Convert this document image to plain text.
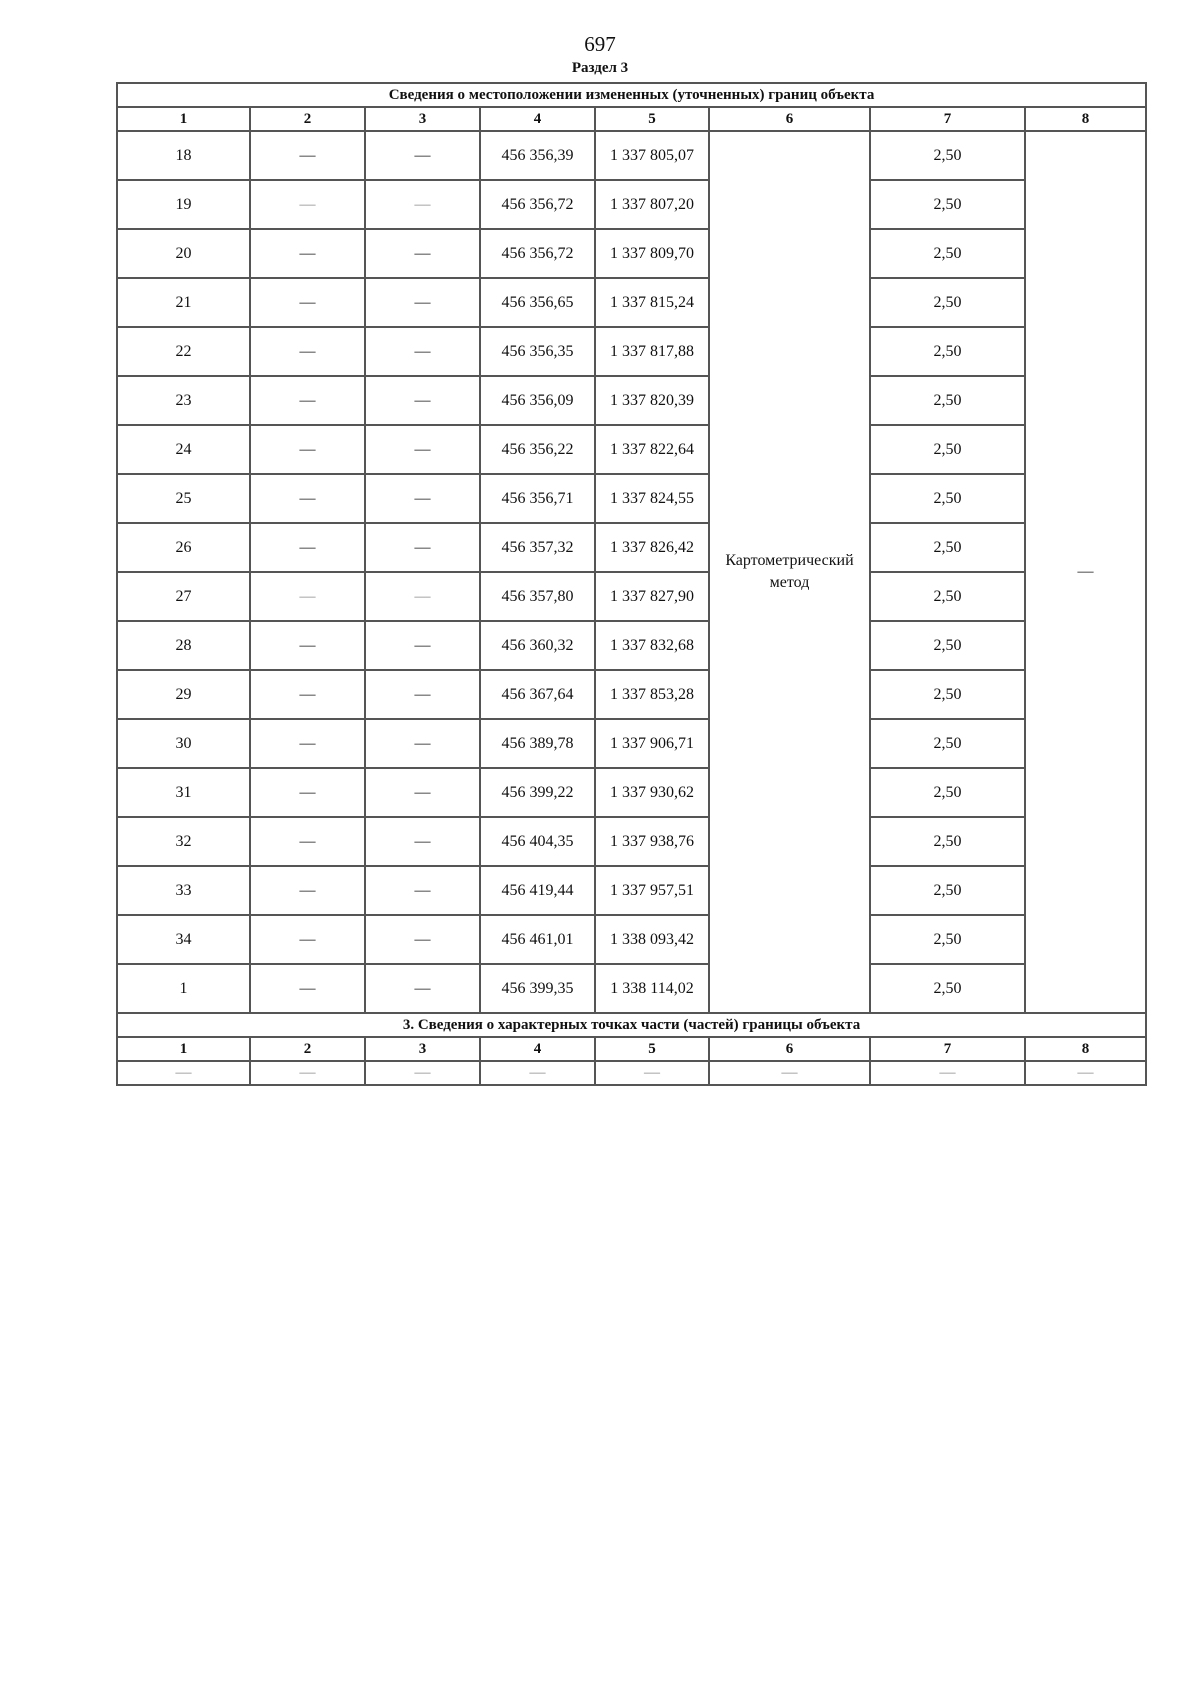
697
Раздел 3
Сведения о местоположении измененных (уточненных) границ объекта							
1	2	3	4	5	6	7	8
18	—	—	456 356,39	1 337 805,07	Картометрический метод	2,50	—
19	—	—	456 356,72	1 337 807,20		2,50	
20	—	—	456 356,72	1 337 809,70		2,50	
21	—	—	456 356,65	1 337 815,24		2,50	
22	—	—	456 356,35	1 337 817,88		2,50	
23	—	—	456 356,09	1 337 820,39		2,50	
24	—	—	456 356,22	1 337 822,64		2,50	
25	—	—	456 356,71	1 337 824,55		2,50	
26	—	—	456 357,32	1 337 826,42		2,50	
27	—	—	456 357,80	1 337 827,90		2,50	
28	—	—	456 360,32	1 337 832,68		2,50	
29	—	—	456 367,64	1 337 853,28		2,50	
30	—	—	456 389,78	1 337 906,71		2,50	
31	—	—	456 399,22	1 337 930,62		2,50	
32	—	—	456 404,35	1 337 938,76		2,50	
33	—	—	456 419,44	1 337 957,51		2,50	
34	—	—	456 461,01	1 338 093,42		2,50	
1	—	—	456 399,35	1 338 114,02		2,50	
3. Сведения о характерных точках части (частей) границы объекта							
1	2	3	4	5	6	7	8
—	—	—	—	—	—	—	—
